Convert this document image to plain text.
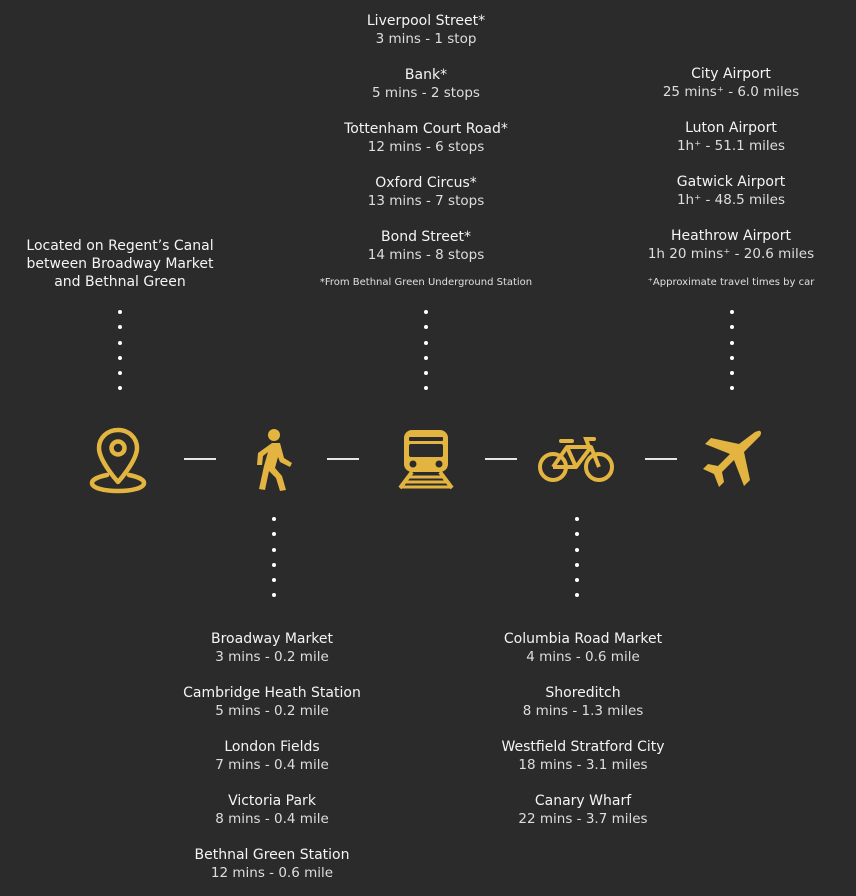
Located on Regent’s Canal
between Broadway Market
and Bethnal Green
Liverpool Street*
3 mins - 1 stop
Bank*
5 mins - 2 stops
Tottenham Court Road*
12 mins - 6 stops
Oxford Circus*
13 mins - 7 stops
Bond Street*
14 mins - 8 stops
*From Bethnal Green Underground Station
City Airport
25 mins⁺ - 6.0 miles
Luton Airport
1h⁺ - 51.1 miles
Gatwick Airport
1h⁺ - 48.5 miles
Heathrow Airport
1h 20 mins⁺ - 20.6 miles
⁺Approximate travel times by car
Broadway Market
3 mins - 0.2 mile
Cambridge Heath Station
5 mins - 0.2 mile
London Fields
7 mins - 0.4 mile
Victoria Park
8 mins - 0.4 mile
Bethnal Green Station
12 mins - 0.6 mile
Columbia Road Market
4 mins - 0.6 mile
Shoreditch
8 mins - 1.3 miles
Westfield Stratford City
18 mins - 3.1 miles
Canary Wharf
22 mins - 3.7 miles
